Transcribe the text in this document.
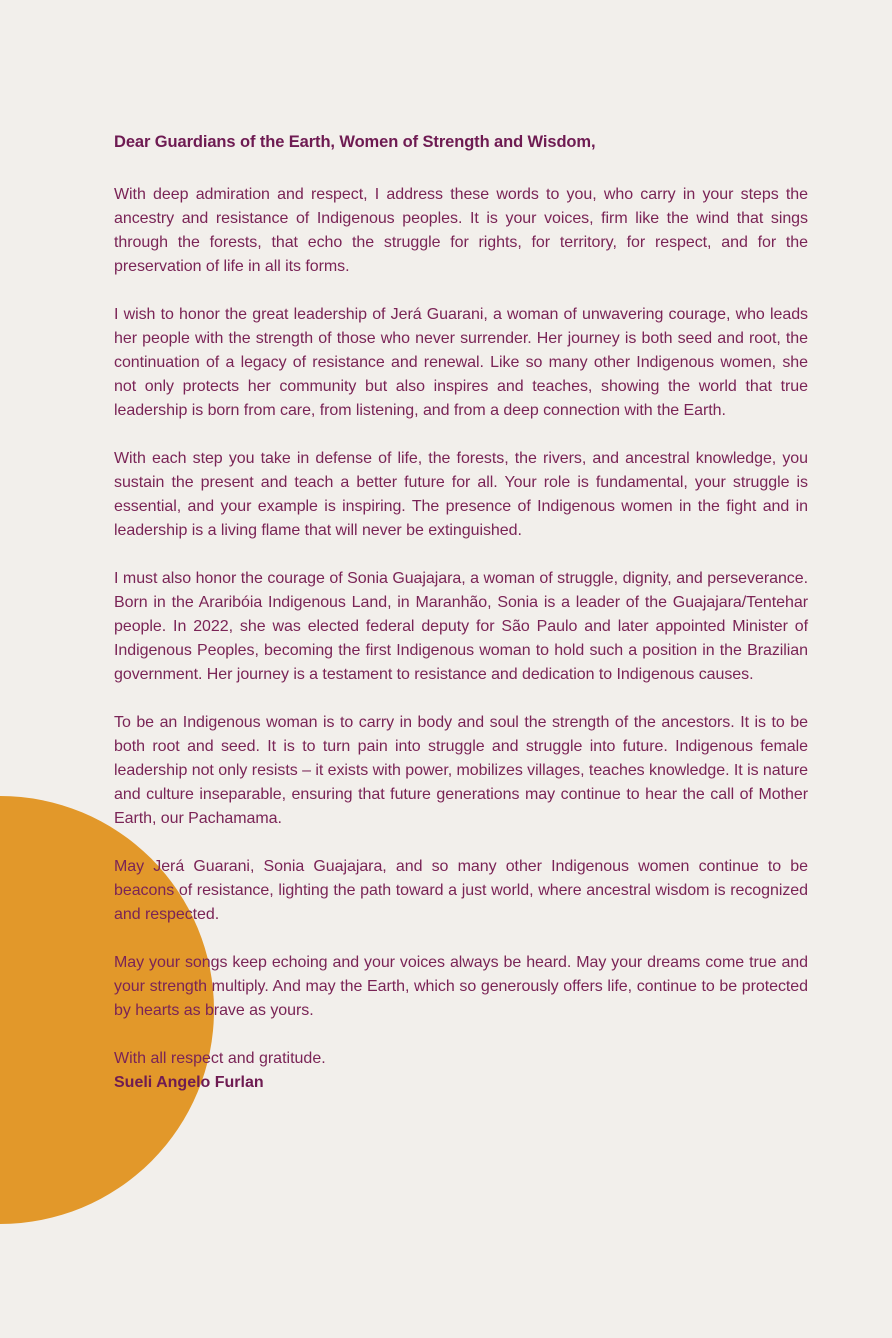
Dear Guardians of the Earth, Women of Strength and Wisdom,

With deep admiration and respect, I address these words to you, who carry in your steps the ancestry and resistance of Indigenous peoples. It is your voices, firm like the wind that sings through the forests, that echo the struggle for rights, for territory, for respect, and for the preservation of life in all its forms.

I wish to honor the great leadership of Jerá Guarani, a woman of unwavering courage, who leads her people with the strength of those who never surrender. Her journey is both seed and root, the continuation of a legacy of resistance and renewal. Like so many other Indigenous women, she not only protects her community but also inspires and teaches, showing the world that true leadership is born from care, from listening, and from a deep connection with the Earth.

With each step you take in defense of life, the forests, the rivers, and ancestral knowledge, you sustain the present and teach a better future for all. Your role is fundamental, your struggle is essential, and your example is inspiring. The presence of Indigenous women in the fight and in leadership is a living flame that will never be extinguished.

I must also honor the courage of Sonia Guajajara, a woman of struggle, dignity, and perseverance. Born in the Araribóia Indigenous Land, in Maranhão, Sonia is a leader of the Guajajara/Tentehar people. In 2022, she was elected federal deputy for São Paulo and later appointed Minister of Indigenous Peoples, becoming the first Indigenous woman to hold such a position in the Brazilian government. Her journey is a testament to resistance and dedication to Indigenous causes.

To be an Indigenous woman is to carry in body and soul the strength of the ancestors. It is to be both root and seed. It is to turn pain into struggle and struggle into future. Indigenous female leadership not only resists – it exists with power, mobilizes villages, teaches knowledge. It is nature and culture inseparable, ensuring that future generations may continue to hear the call of Mother Earth, our Pachamama.

May Jerá Guarani, Sonia Guajajara, and so many other Indigenous women continue to be beacons of resistance, lighting the path toward a just world, where ancestral wisdom is recognized and respected.

May your songs keep echoing and your voices always be heard. May your dreams come true and your strength multiply. And may the Earth, which so generously offers life, continue to be protected by hearts as brave as yours.

With all respect and gratitude.

Sueli Angelo Furlan
